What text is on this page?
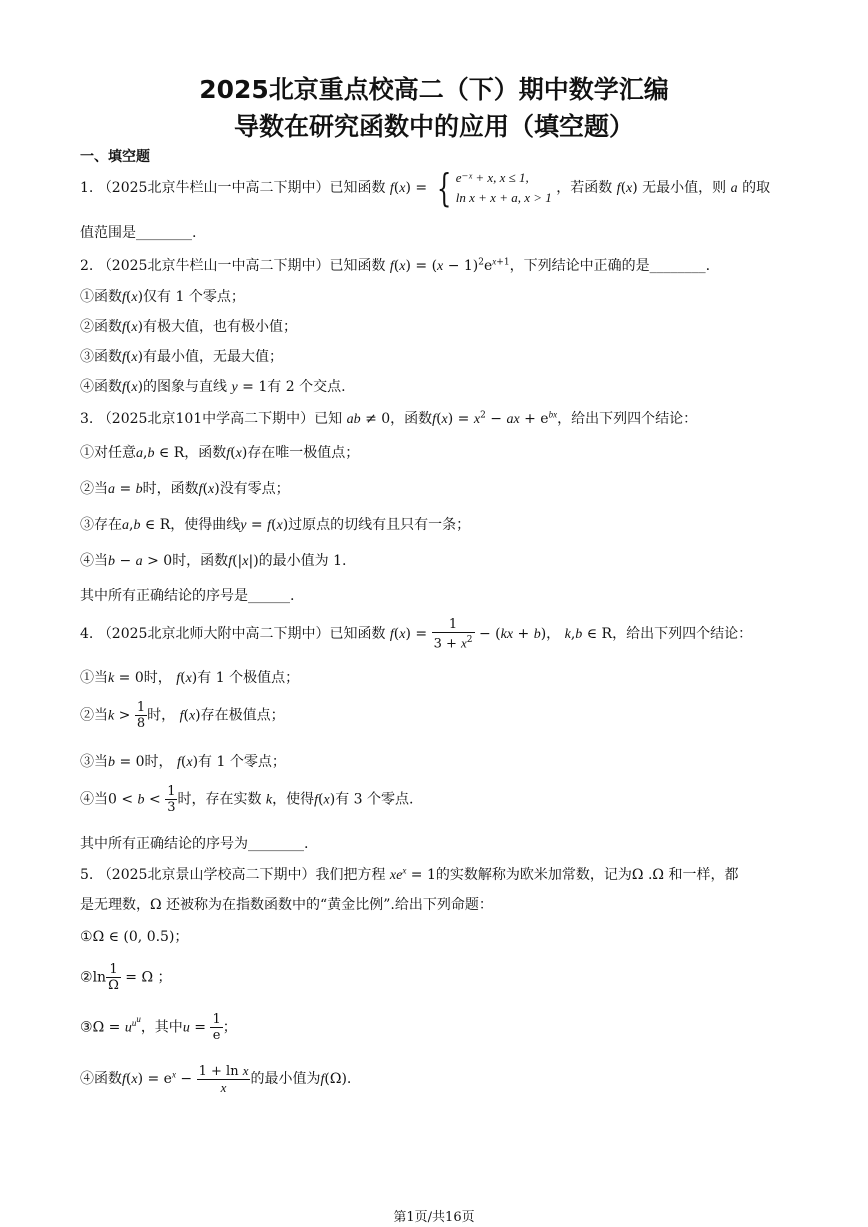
2025北京重点校高二（下）期中数学汇编
导数在研究函数中的应用（填空题）
一、填空题
1. （2025北京牛栏山一中高二下期中）已知函数 f(x) = { e⁻ˣ + x, x ≤ 1,
ln x + x + a, x > 1 ，若函数 f(x) 无最小值，则 a 的取
值范围是________.
2. （2025北京牛栏山一中高二下期中）已知函数 $f(x) = (x - 1)^2e^{x+1}$，下列结论中正确的是________.
①函数f(x)仅有 1 个零点；
②函数f(x)有极大值，也有极小值；
③函数f(x)有最小值，无最大值；
④函数f(x)的图象与直线 y = 1有 2 个交点.
3. （2025北京101中学高二下期中）已知 ab ≠ 0，函数$f(x) = x^2$ − ax + $e^{bx}$，给出下列四个结论：
①对任意a,b ∈ R，函数f(x)存在唯一极值点；
②当a = b时，函数f(x)没有零点；
③存在a,b ∈ R，使得曲线y = f(x)过原点的切线有且只有一条；
④当b − a > 0时，函数f(|x|)的最小值为 1.
其中所有正确结论的序号是______.
4. （2025北京北师大附中高二下期中）已知函数 $f(x) = \frac{1}{3 + x^2} - (kx + b)$， k,b ∈ R，给出下列四个结论：
①当k = 0时， f(x)有 1 个极值点；
②当$k > \frac{1}{8}$ 时， f(x)存在极值点；
③当b = 0时， f(x)有 1 个零点；
④当$0 < b < \frac{1}{3}$ 时，存在实数 k，使得f(x)有 3 个零点.
其中所有正确结论的序号为________.
5. （2025北京景山学校高二下期中）我们把方程 $xe^x = 1$的实数解称为欧米加常数，记为Ω .Ω 和一样，都
是无理数，Ω 还被称为在指数函数中的“黄金比例”.给出下列命题：
①Ω ∈ (0, 0.5)；
②ln $\frac{1}{\Omega} = \Omega$ ；
③Ω = $u^{u^u}$，其中$u = \frac{1}{e}$ ；
④函数$f(x) = e^x - \frac{\text{1 + ln x}}{x}$ 的最小值为f(Ω).
第1页/共16页
